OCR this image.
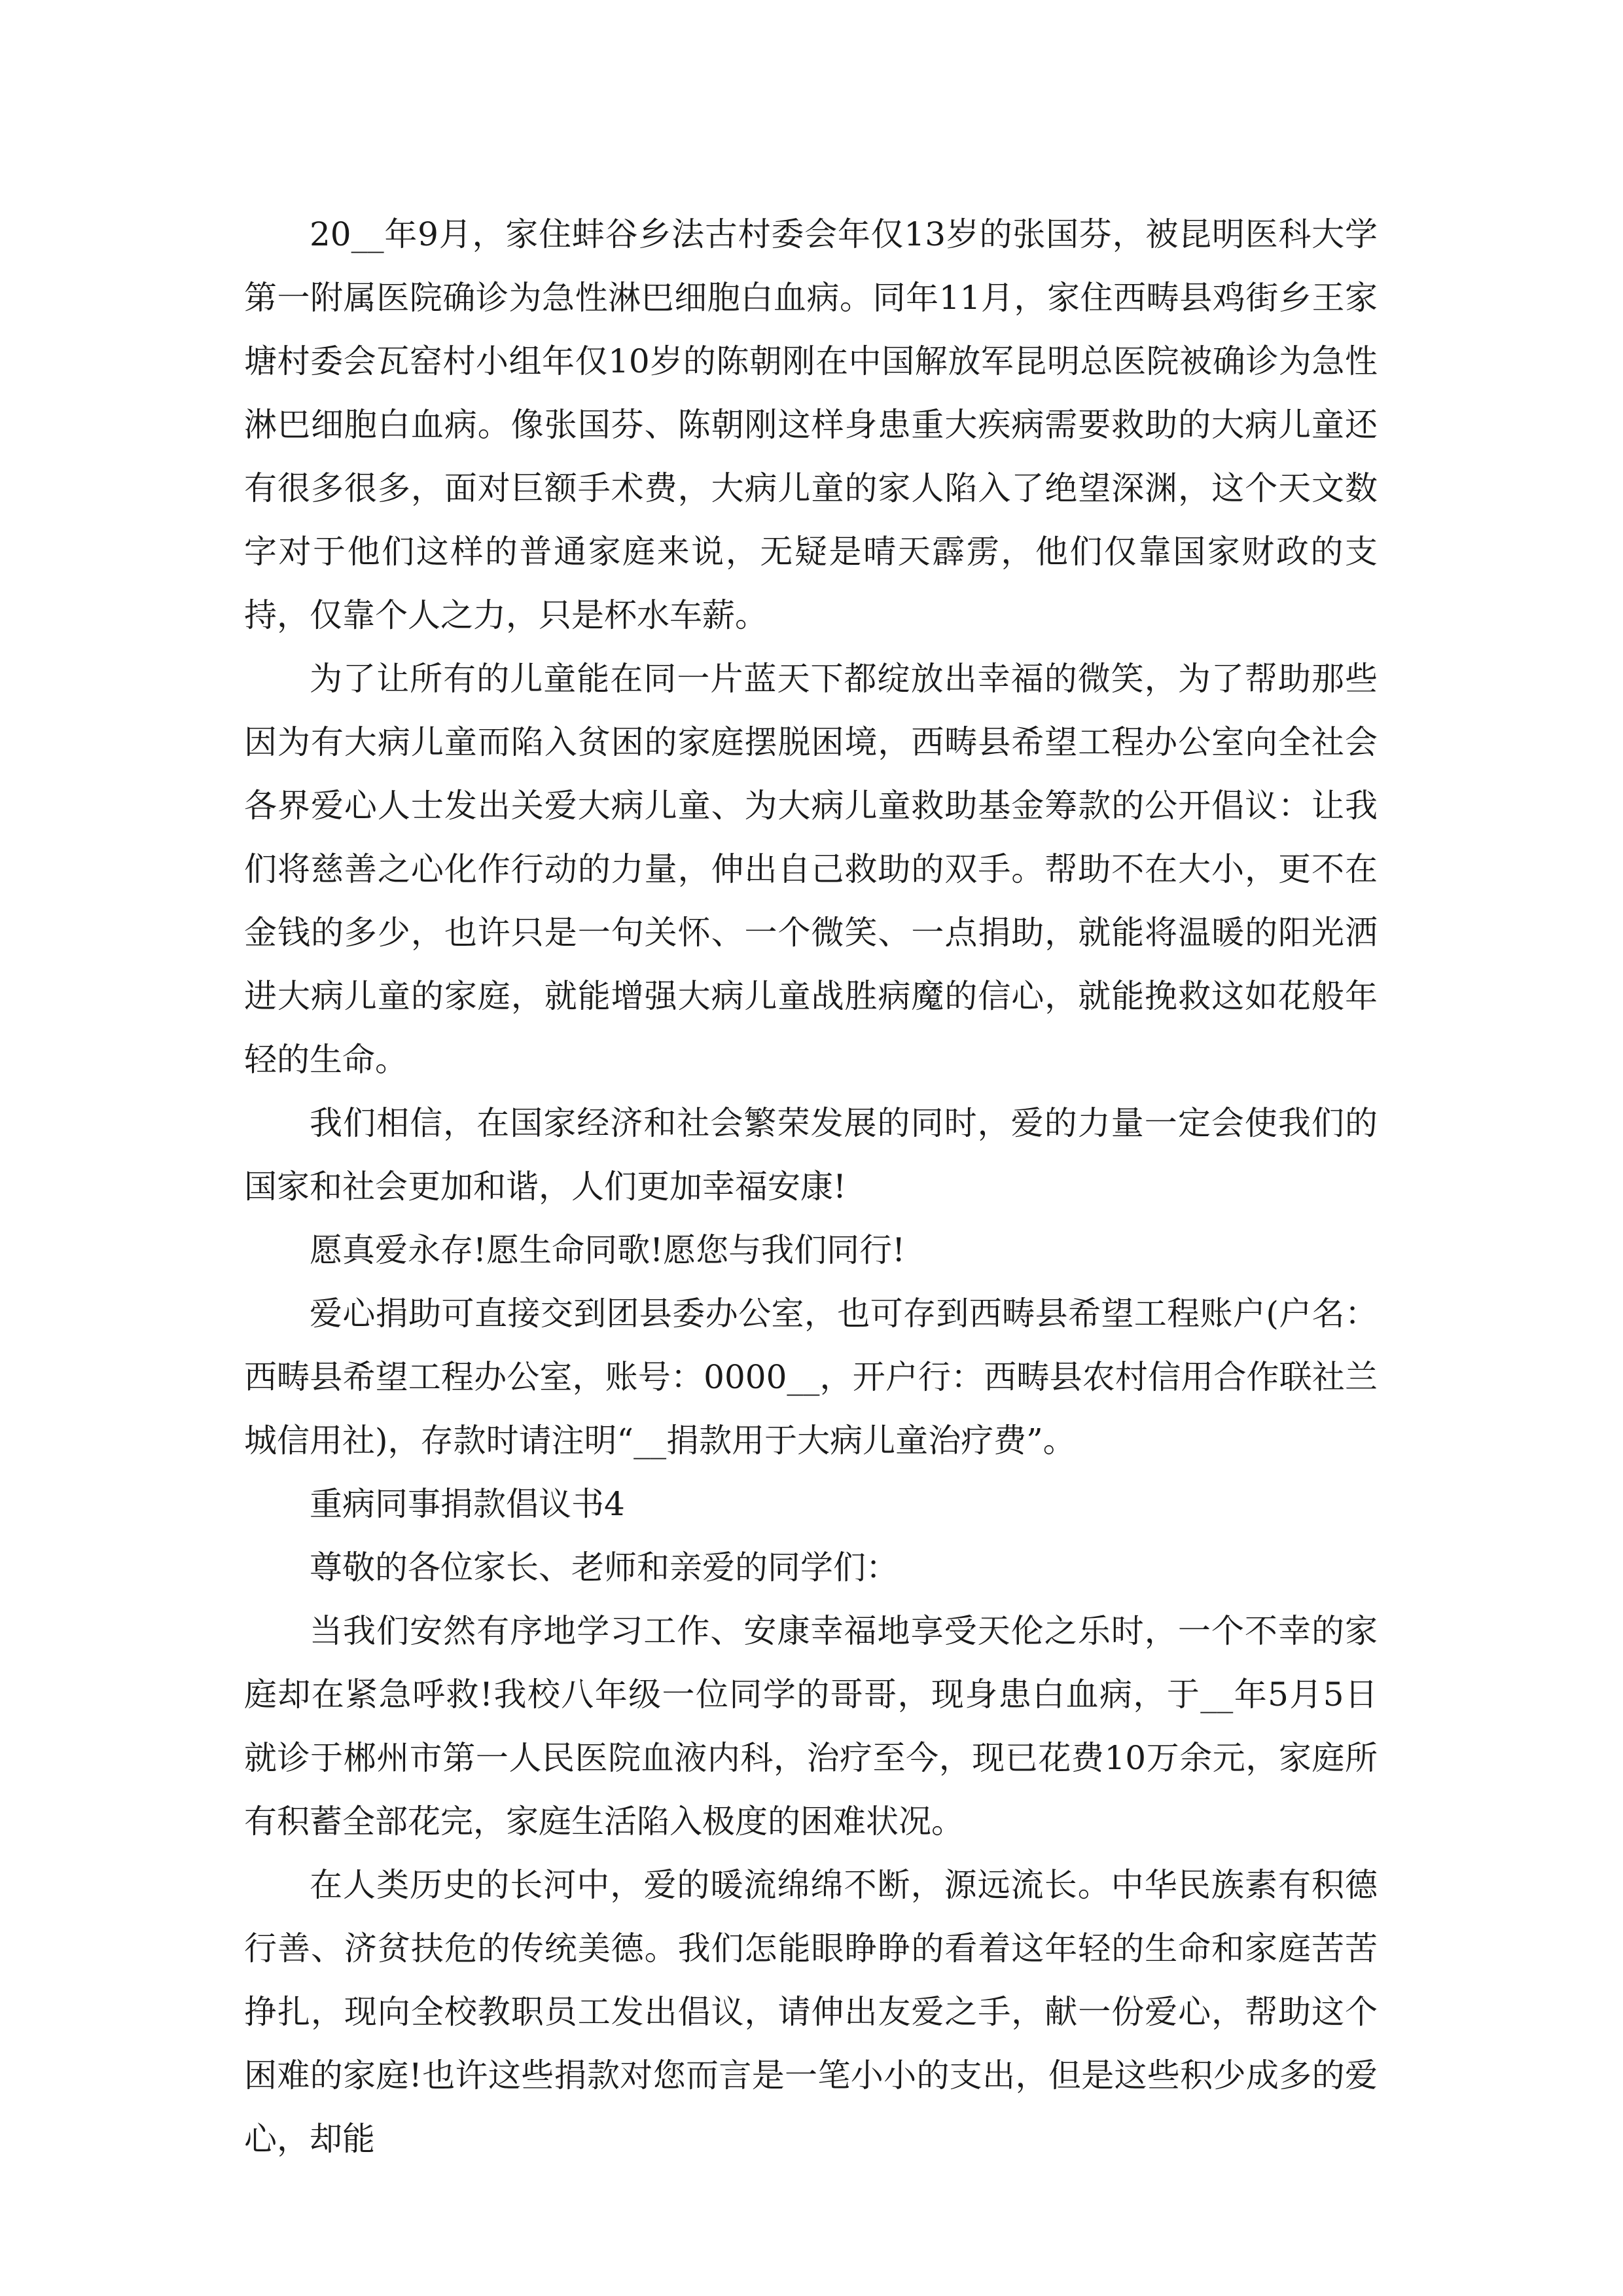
20__年9月，家住蚌谷乡法古村委会年仅13岁的张国芬，被昆明医科大学第一附属医院确诊为急性淋巴细胞白血病。同年11月，家住西畴县鸡街乡王家塘村委会瓦窑村小组年仅10岁的陈朝刚在中国解放军昆明总医院被确诊为急性淋巴细胞白血病。像张国芬、陈朝刚这样身患重大疾病需要救助的大病儿童还有很多很多，面对巨额手术费，大病儿童的家人陷入了绝望深渊，这个天文数字对于他们这样的普通家庭来说，无疑是晴天霹雳，他们仅靠国家财政的支持，仅靠个人之力，只是杯水车薪。

为了让所有的儿童能在同一片蓝天下都绽放出幸福的微笑，为了帮助那些因为有大病儿童而陷入贫困的家庭摆脱困境，西畴县希望工程办公室向全社会各界爱心人士发出关爱大病儿童、为大病儿童救助基金筹款的公开倡议：让我们将慈善之心化作行动的力量，伸出自己救助的双手。帮助不在大小，更不在金钱的多少，也许只是一句关怀、一个微笑、一点捐助，就能将温暖的阳光洒进大病儿童的家庭，就能增强大病儿童战胜病魔的信心，就能挽救这如花般年轻的生命。

我们相信，在国家经济和社会繁荣发展的同时，爱的力量一定会使我们的国家和社会更加和谐，人们更加幸福安康!

愿真爱永存!愿生命同歌!愿您与我们同行!

爱心捐助可直接交到团县委办公室，也可存到西畴县希望工程账户(户名：西畴县希望工程办公室，账号：0000__，开户行：西畴县农村信用合作联社兰城信用社)，存款时请注明“__捐款用于大病儿童治疗费”。

重病同事捐款倡议书4

尊敬的各位家长、老师和亲爱的同学们：

当我们安然有序地学习工作、安康幸福地享受天伦之乐时，一个不幸的家庭却在紧急呼救!我校八年级一位同学的哥哥，现身患白血病，于__年5月5日就诊于郴州市第一人民医院血液内科，治疗至今，现已花费10万余元，家庭所有积蓄全部花完，家庭生活陷入极度的困难状况。

在人类历史的长河中，爱的暖流绵绵不断，源远流长。中华民族素有积德行善、济贫扶危的传统美德。我们怎能眼睁睁的看着这年轻的生命和家庭苦苦挣扎，现向全校教职员工发出倡议，请伸出友爱之手，献一份爱心，帮助这个困难的家庭!也许这些捐款对您而言是一笔小小的支出，但是这些积少成多的爱心，却能
